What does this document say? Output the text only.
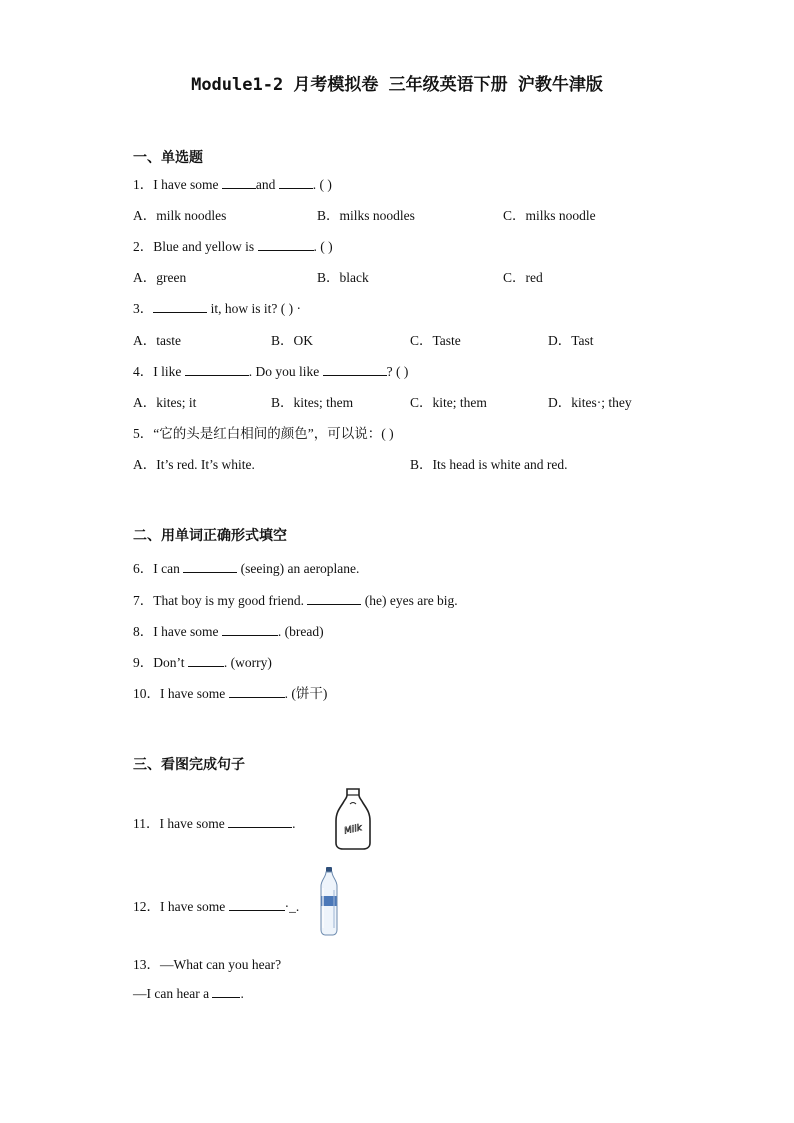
Module1-2 月考模拟卷 三年级英语下册 沪教牛津版
一、单选题
1．I have some	and	. ( )
A．milk noodles	B．milks noodles	C．milks noodle
2．Blue and yellow is	. ( )
A．green	B．black	C．red
3．	it, how is it? ( ) ·
A．taste	B．OK	C．Taste	D．Tast
4．I like	. Do you like	? ( )
A．kites; it	B．kites; them	C．kite; them	D．kites·; they
5．“它的头是红白相间的颜色”，可以说：( )
A．It’s red. It’s white.	B．Its head is white and red.
二、用单词正确形式填空
6．I can	(seeing) an aeroplane.
7．That boy is my good friend.	(he) eyes are big.
8．I have some	. (bread)
9．Don’t	. (worry)
10．I have some	. (饼干)
三、看图完成句子
11．I have some	.	Milk
12．I have some	·_.
13．—What can you hear?
—I can hear a .
